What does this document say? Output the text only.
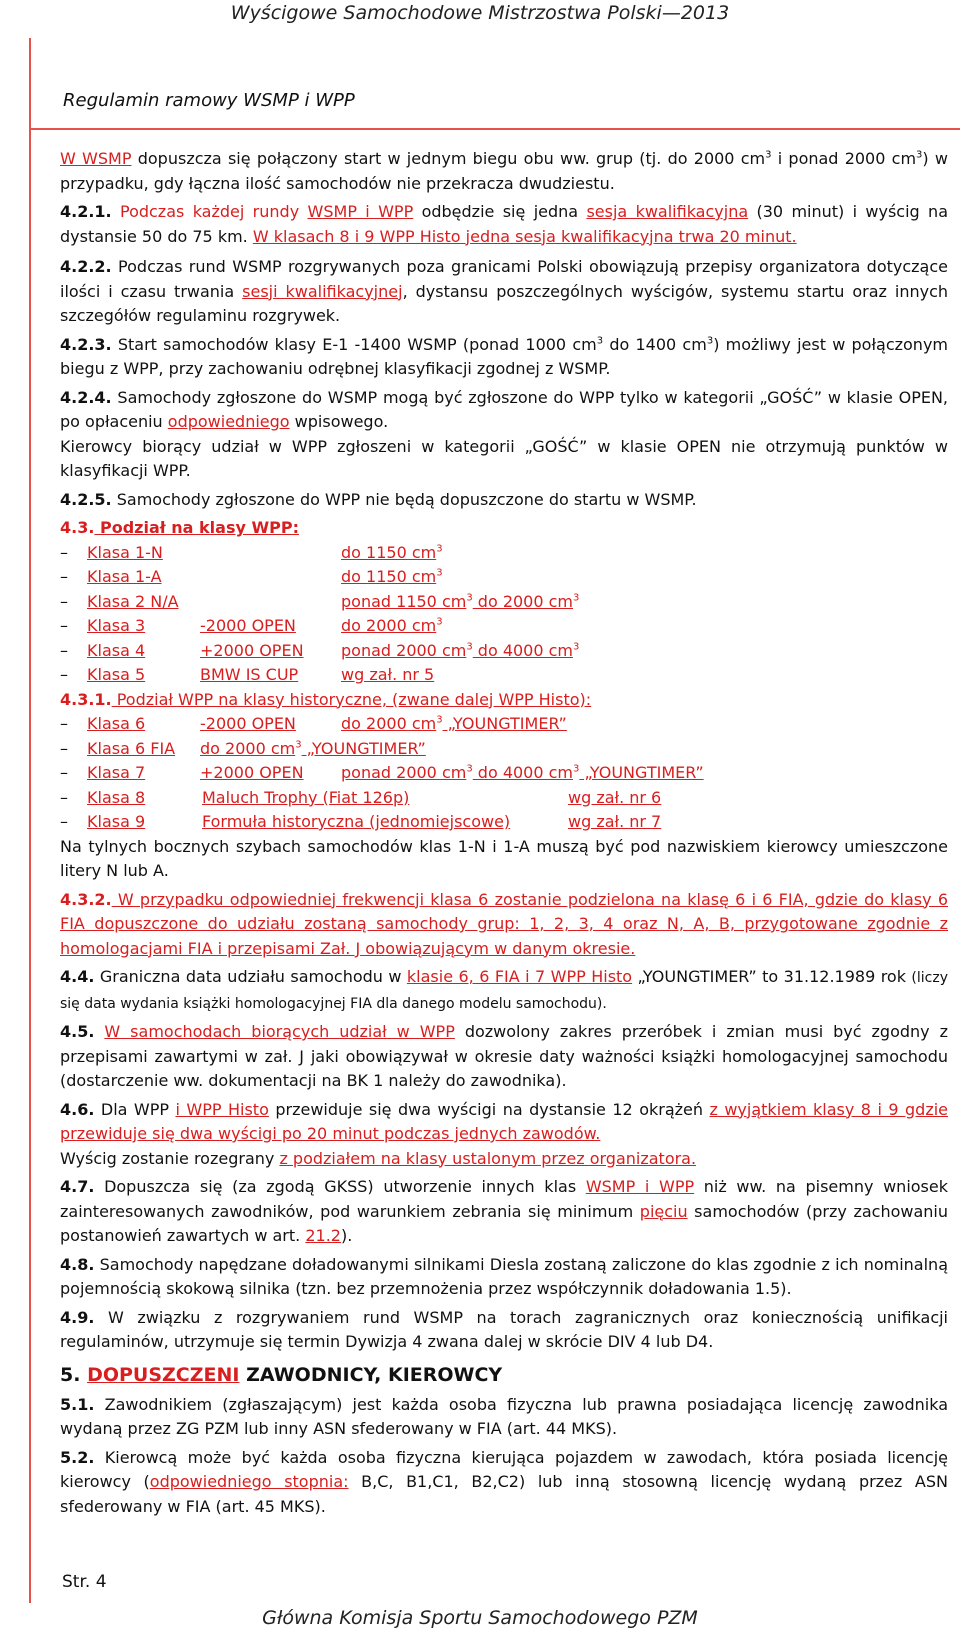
Wyścigowe Samochodowe Mistrzostwa Polski—2013
Regulamin ramowy WSMP i WPP

W WSMP dopuszcza się połączony start w jednym biegu obu ww. grup (tj. do 2000 $cm^3$ i ponad 2000 $cm^3$) w przypadku, gdy łączna ilość samochodów nie przekracza dwudziestu.

4.2.1. Podczas każdej rundy WSMP i WPP odbędzie się jedna sesja kwalifikacyjna (30 minut) i wyścig na dystansie 50 do 75 km. W klasach 8 i 9 WPP Histo jedna sesja kwalifikacyjna trwa 20 minut.

4.2.2. Podczas rund WSMP rozgrywanych poza granicami Polski obowiązują przepisy organizatora dotyczące ilości i czasu trwania sesji kwalifikacyjnej, dystansu poszczególnych wyścigów, systemu startu oraz innych szczegółów regulaminu rozgrywek.

4.2.3. Start samochodów klasy E-1 -1400 WSMP (ponad 1000 $cm^3$ do 1400 $cm^3$) możliwy jest w połączonym biegu z WPP, przy zachowaniu odrębnej klasyfikacji zgodnej z WSMP.

4.2.4. Samochody zgłoszone do WSMP mogą być zgłoszone do WPP tylko w kategorii „GOŚĆ” w klasie OPEN, po opłaceniu odpowiedniego wpisowego.
Kierowcy biorący udział w WPP zgłoszeni w kategorii „GOŚĆ” w klasie OPEN nie otrzymują punktów w klasyfikacji WPP.

4.2.5. Samochody zgłoszone do WPP nie będą dopuszczone do startu w WSMP.

4.3. Podział na klasy WPP:

–	Klasa 1-N	do 1150 $cm^3$
–	Klasa 1-A	do 1150 $cm^3$
–	Klasa 2 N/A	ponad 1150 $cm^3$ do 2000 $cm^3$
–	Klasa 3	-2000 OPEN	do 2000 $cm^3$
–	Klasa 4	+2000 OPEN	ponad 2000 $cm^3$ do 4000 $cm^3$
–	Klasa 5	BMW IS CUP	wg zał. nr 5

4.3.1. Podział WPP na klasy historyczne, (zwane dalej WPP Histo):

–	Klasa 6	-2000 OPEN	do 2000 $cm^3$ „YOUNGTIMER”
–	Klasa 6 FIA	do 2000 $cm^3$ „YOUNGTIMER”
–	Klasa 7	+2000 OPEN	ponad 2000 $cm^3$ do 4000 $cm^3$ „YOUNGTIMER”
–	Klasa 8	Maluch Trophy (Fiat 126p)	wg zał. nr 6
–	Klasa 9	Formuła historyczna (jednomiejscowe)	wg zał. nr 7

Na tylnych bocznych szybach samochodów klas 1-N i 1-A muszą być pod nazwiskiem kierowcy umieszczone litery N lub A.

4.3.2. W przypadku odpowiedniej frekwencji klasa 6 zostanie podzielona na klasę 6 i 6 FIA, gdzie do klasy 6 FIA dopuszczone do udziału zostaną samochody grup: 1, 2, 3, 4 oraz N, A, B, przygotowane zgodnie z homologacjami FIA i przepisami Zał. J obowiązującym w danym okresie.

4.4. Graniczna data udziału samochodu w klasie 6, 6 FIA i 7 WPP Histo „YOUNGTIMER” to 31.12.1989 rok (liczy się data wydania książki homologacyjnej FIA dla danego modelu samochodu).

4.5. W samochodach biorących udział w WPP dozwolony zakres przeróbek i zmian musi być zgodny z przepisami zawartymi w zał. J jaki obowiązywał w okresie daty ważności książki homologacyjnej samochodu (dostarczenie ww. dokumentacji na BK 1 należy do zawodnika).

4.6. Dla WPP i WPP Histo przewiduje się dwa wyścigi na dystansie 12 okrążeń z wyjątkiem klasy 8 i 9 gdzie przewiduje się dwa wyścigi po 20 minut podczas jednych zawodów.
Wyścig zostanie rozegrany z podziałem na klasy ustalonym przez organizatora.

4.7. Dopuszcza się (za zgodą GKSS) utworzenie innych klas WSMP i WPP niż ww. na pisemny wniosek zainteresowanych zawodników, pod warunkiem zebrania się minimum pięciu samochodów (przy zachowaniu postanowień zawartych w art. 21.2).

4.8. Samochody napędzane doładowanymi silnikami Diesla zostaną zaliczone do klas zgodnie z ich nominalną pojemnością skokową silnika (tzn. bez przemnożenia przez współczynnik doładowania 1.5).

4.9. W związku z rozgrywaniem rund WSMP na torach zagranicznych oraz koniecznością unifikacji regulaminów, utrzymuje się termin Dywizja 4 zwana dalej w skrócie DIV 4 lub D4.

5. DOPUSZCZENI ZAWODNICY, KIEROWCY

5.1. Zawodnikiem (zgłaszającym) jest każda osoba fizyczna lub prawna posiadająca licencję zawodnika wydaną przez ZG PZM lub inny ASN sfederowany w FIA (art. 44 MKS).

5.2. Kierowcą może być każda osoba fizyczna kierująca pojazdem w zawodach, która posiada licencję kierowcy (odpowiedniego stopnia: B,C, B1,C1, B2,C2) lub inną stosowną licencję wydaną przez ASN sfederowany w FIA (art. 45 MKS).

Str. 4
Główna Komisja Sportu Samochodowego PZM
